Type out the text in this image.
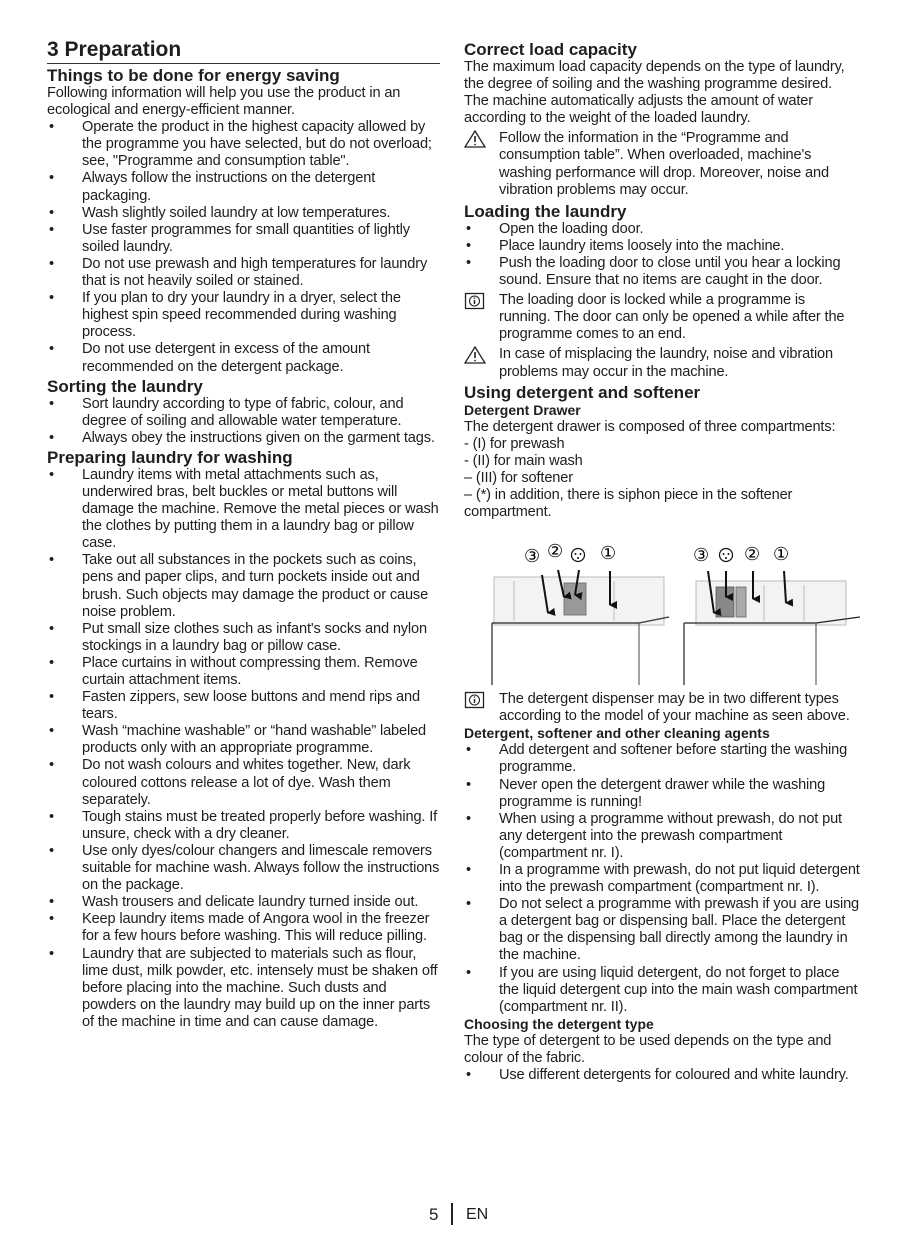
3 Preparation
Things to be done for energy saving
Following information will help you use the product in an ecological and energy-efficient manner.
• Operate the product in the highest capacity allowed by the programme you have selected, but do not overload; see, "Programme and consumption table".
• Always follow the instructions on the detergent packaging.
• Wash slightly soiled laundry at low temperatures.
• Use faster programmes for small quantities of lightly soiled laundry.
• Do not use prewash and high temperatures for laundry that is not heavily soiled or stained.
• If you plan to dry your laundry in a dryer, select the highest spin speed recommended during washing process.
• Do not use detergent in excess of the amount recommended on the detergent package.
Sorting the laundry
• Sort laundry according to type of fabric, colour, and degree of soiling and allowable water temperature.
• Always obey the instructions given on the garment tags.
Preparing laundry for washing
• Laundry items with metal attachments such as, underwired bras, belt buckles or metal buttons will damage the machine. Remove the metal pieces or wash the clothes by putting them in a laundry bag or pillow case.
• Take out all substances in the pockets such as coins, pens and paper clips, and turn pockets inside out and brush. Such objects may damage the product or cause noise problem.
• Put small size clothes such as infant's socks and nylon stockings in a laundry bag or pillow case.
• Place curtains in without compressing them. Remove curtain attachment items.
• Fasten zippers, sew loose buttons and mend rips and tears.
• Wash “machine washable” or “hand washable” labeled products only with an appropriate programme.
• Do not wash colours and whites together. New, dark coloured cottons release a lot of dye. Wash them separately.
• Tough stains must be treated properly before washing. If unsure, check with a dry cleaner.
• Use only dyes/colour changers and limescale removers suitable for machine wash. Always follow the instructions on the package.
• Wash trousers and delicate laundry turned inside out.
• Keep laundry items made of Angora wool in the freezer for a few hours before washing. This will reduce pilling.
• Laundry that are subjected to materials such as flour, lime dust, milk powder, etc. intensely must be shaken off before placing into the machine. Such dusts and powders on the laundry may build up on the inner parts of the machine in time and can cause damage.
Correct load capacity
The maximum load capacity depends on the type of laundry, the degree of soiling and the washing programme desired.
The machine automatically adjusts the amount of water according to the weight of the loaded laundry.
Follow the information in the “Programme and consumption table”. When overloaded, machine's washing performance will drop. Moreover, noise and vibration problems may occur.
Loading the laundry
• Open the loading door.
• Place laundry items loosely into the machine.
• Push the loading door to close until you hear a locking sound. Ensure that no items are caught in the door.
The loading door is locked while a programme is running. The door can only be opened a while after the programme comes to an end.
In case of misplacing the laundry, noise and vibration problems may occur in the machine.
Using detergent and softener
Detergent Drawer
The detergent drawer is composed of three compartments:
- (I) for prewash
- (II) for main wash
– (III) for softener
– (*) in addition, there is siphon piece in the softener compartment.
③ ② ①	③ ② ①
The detergent dispenser may be in two different types according to the model of your machine as seen above.
Detergent, softener and other cleaning agents
• Add detergent and softener before starting the washing programme.
• Never open the detergent drawer while the washing programme is running!
• When using a programme without prewash, do not put any detergent into the prewash compartment (compartment nr. I).
• In a programme with prewash, do not put liquid detergent into the prewash compartment (compartment nr. I).
• Do not select a programme with prewash if you are using a detergent bag or dispensing ball. Place the detergent bag or the dispensing ball directly among the laundry in the machine.
• If you are using liquid detergent, do not forget to place the liquid detergent cup into the main wash compartment (compartment nr. II).
Choosing the detergent type
The type of detergent to be used depends on the type and colour of the fabric.
• Use different detergents for coloured and white laundry.
5 EN
